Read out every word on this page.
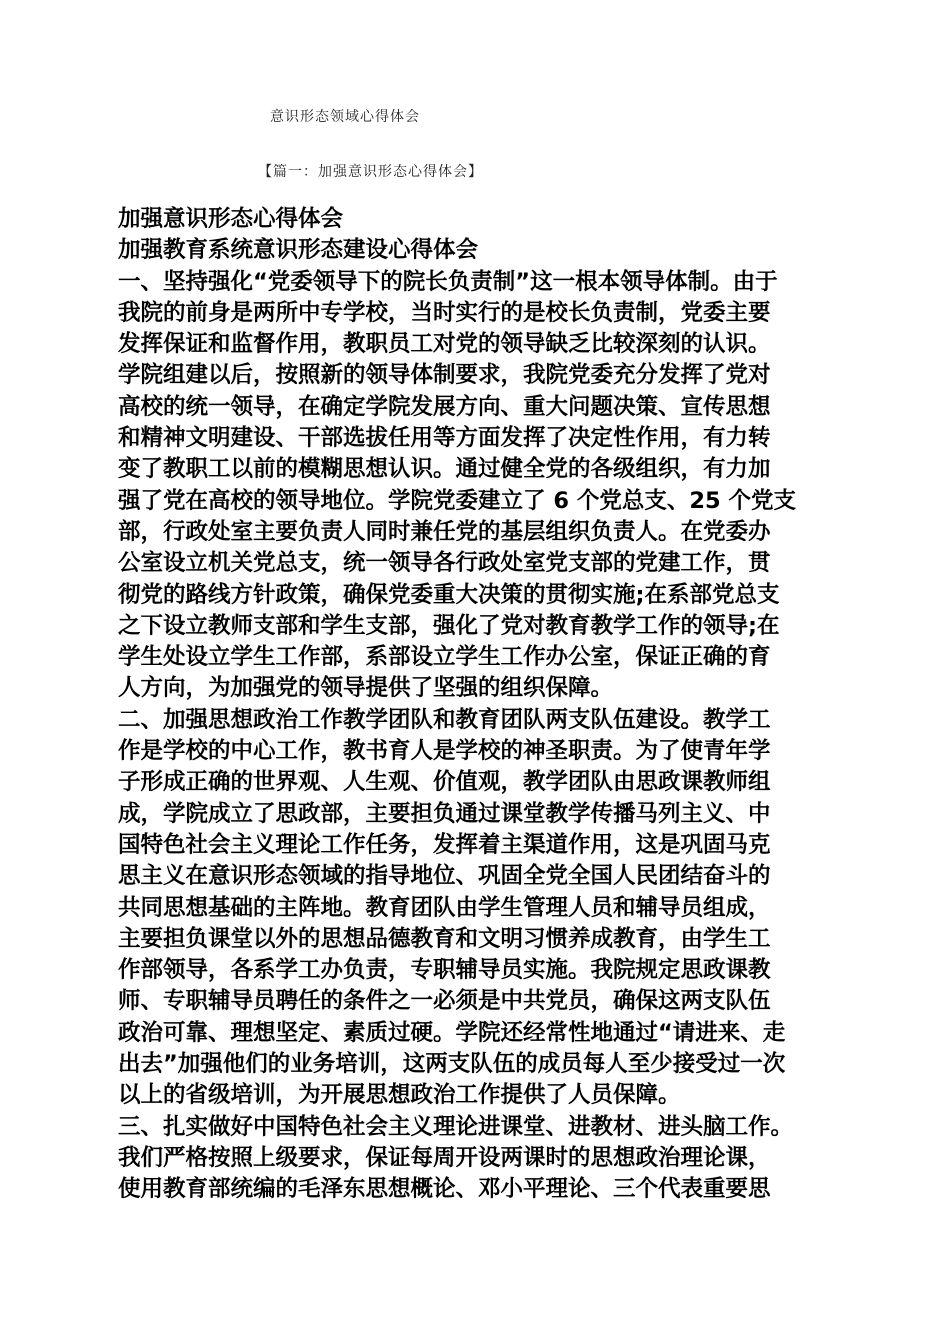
意识形态领域心得体会
【篇一：加强意识形态心得体会】
加强意识形态心得体会
加强教育系统意识形态建设心得体会
一、坚持强化“党委领导下的院长负责制”这一根本领导体制。由于
我院的前身是两所中专学校，当时实行的是校长负责制，党委主要
发挥保证和监督作用，教职员工对党的领导缺乏比较深刻的认识。
学院组建以后，按照新的领导体制要求，我院党委充分发挥了党对
高校的统一领导，在确定学院发展方向、重大问题决策、宣传思想
和精神文明建设、干部选拔任用等方面发挥了决定性作用，有力转
变了教职工以前的模糊思想认识。通过健全党的各级组织，有力加
强了党在高校的领导地位。学院党委建立了 6 个党总支、25 个党支
部，行政处室主要负责人同时兼任党的基层组织负责人。在党委办
公室设立机关党总支，统一领导各行政处室党支部的党建工作，贯
彻党的路线方针政策，确保党委重大决策的贯彻实施;在系部党总支
之下设立教师支部和学生支部，强化了党对教育教学工作的领导;在
学生处设立学生工作部，系部设立学生工作办公室，保证正确的育
人方向，为加强党的领导提供了坚强的组织保障。
二、加强思想政治工作教学团队和教育团队两支队伍建设。教学工
作是学校的中心工作，教书育人是学校的神圣职责。为了使青年学
子形成正确的世界观、人生观、价值观，教学团队由思政课教师组
成，学院成立了思政部，主要担负通过课堂教学传播马列主义、中
国特色社会主义理论工作任务，发挥着主渠道作用，这是巩固马克
思主义在意识形态领域的指导地位、巩固全党全国人民团结奋斗的
共同思想基础的主阵地。教育团队由学生管理人员和辅导员组成，
主要担负课堂以外的思想品德教育和文明习惯养成教育，由学生工
作部领导，各系学工办负责，专职辅导员实施。我院规定思政课教
师、专职辅导员聘任的条件之一必须是中共党员，确保这两支队伍
政治可靠、理想坚定、素质过硬。学院还经常性地通过“请进来、走
出去”加强他们的业务培训，这两支队伍的成员每人至少接受过一次
以上的省级培训，为开展思想政治工作提供了人员保障。
三、扎实做好中国特色社会主义理论进课堂、进教材、进头脑工作。
我们严格按照上级要求，保证每周开设两课时的思想政治理论课，
使用教育部统编的毛泽东思想概论、邓小平理论、三个代表重要思
